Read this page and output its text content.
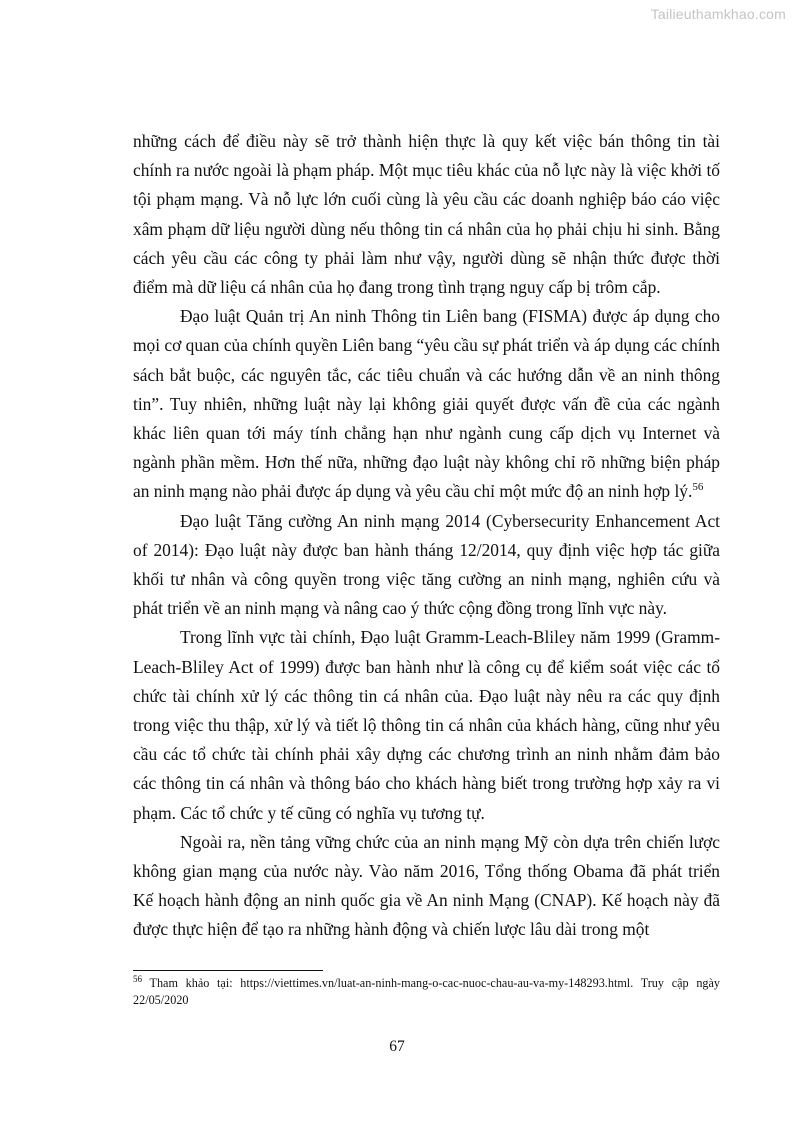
Tailieuthamkhao.com

những cách để điều này sẽ trở thành hiện thực là quy kết việc bán thông tin tài chính ra nước ngoài là phạm pháp. Một mục tiêu khác của nỗ lực này là việc khởi tố tội phạm mạng. Và nỗ lực lớn cuối cùng là yêu cầu các doanh nghiệp báo cáo việc xâm phạm dữ liệu người dùng nếu thông tin cá nhân của họ phải chịu hi sinh. Bằng cách yêu cầu các công ty phải làm như vậy, người dùng sẽ nhận thức được thời điểm mà dữ liệu cá nhân của họ đang trong tình trạng nguy cấp bị trôm cắp.

Đạo luật Quản trị An ninh Thông tin Liên bang (FISMA) được áp dụng cho mọi cơ quan của chính quyền Liên bang “yêu cầu sự phát triển và áp dụng các chính sách bắt buộc, các nguyên tắc, các tiêu chuẩn và các hướng dẫn về an ninh thông tin”. Tuy nhiên, những luật này lại không giải quyết được vấn đề của các ngành khác liên quan tới máy tính chẳng hạn như ngành cung cấp dịch vụ Internet và ngành phần mềm. Hơn thế nữa, những đạo luật này không chỉ rõ những biện pháp an ninh mạng nào phải được áp dụng và yêu cầu chỉ một mức độ an ninh hợp lý.$^{56}$

Đạo luật Tăng cường An ninh mạng 2014 (Cybersecurity Enhancement Act of 2014): Đạo luật này được ban hành tháng 12/2014, quy định việc hợp tác giữa khối tư nhân và công quyền trong việc tăng cường an ninh mạng, nghiên cứu và phát triển về an ninh mạng và nâng cao ý thức cộng đồng trong lĩnh vực này.

Trong lĩnh vực tài chính, Đạo luật Gramm-Leach-Bliley năm 1999 (Gramm-Leach-Bliley Act of 1999) được ban hành như là công cụ để kiểm soát việc các tổ chức tài chính xử lý các thông tin cá nhân của. Đạo luật này nêu ra các quy định trong việc thu thập, xử lý và tiết lộ thông tin cá nhân của khách hàng, cũng như yêu cầu các tổ chức tài chính phải xây dựng các chương trình an ninh nhằm đảm bảo các thông tin cá nhân và thông báo cho khách hàng biết trong trường hợp xảy ra vi phạm. Các tổ chức y tế cũng có nghĩa vụ tương tự.

Ngoài ra, nền tảng vững chức của an ninh mạng Mỹ còn dựa trên chiến lược không gian mạng của nước này. Vào năm 2016, Tổng thống Obama đã phát triển Kế hoạch hành động an ninh quốc gia về An ninh Mạng (CNAP). Kế hoạch này đã được thực hiện để tạo ra những hành động và chiến lược lâu dài trong một

$^{56}$ Tham khảo tại: https://viettimes.vn/luat-an-ninh-mang-o-cac-nuoc-chau-au-va-my-148293.html. Truy cập ngày 22/05/2020
67
